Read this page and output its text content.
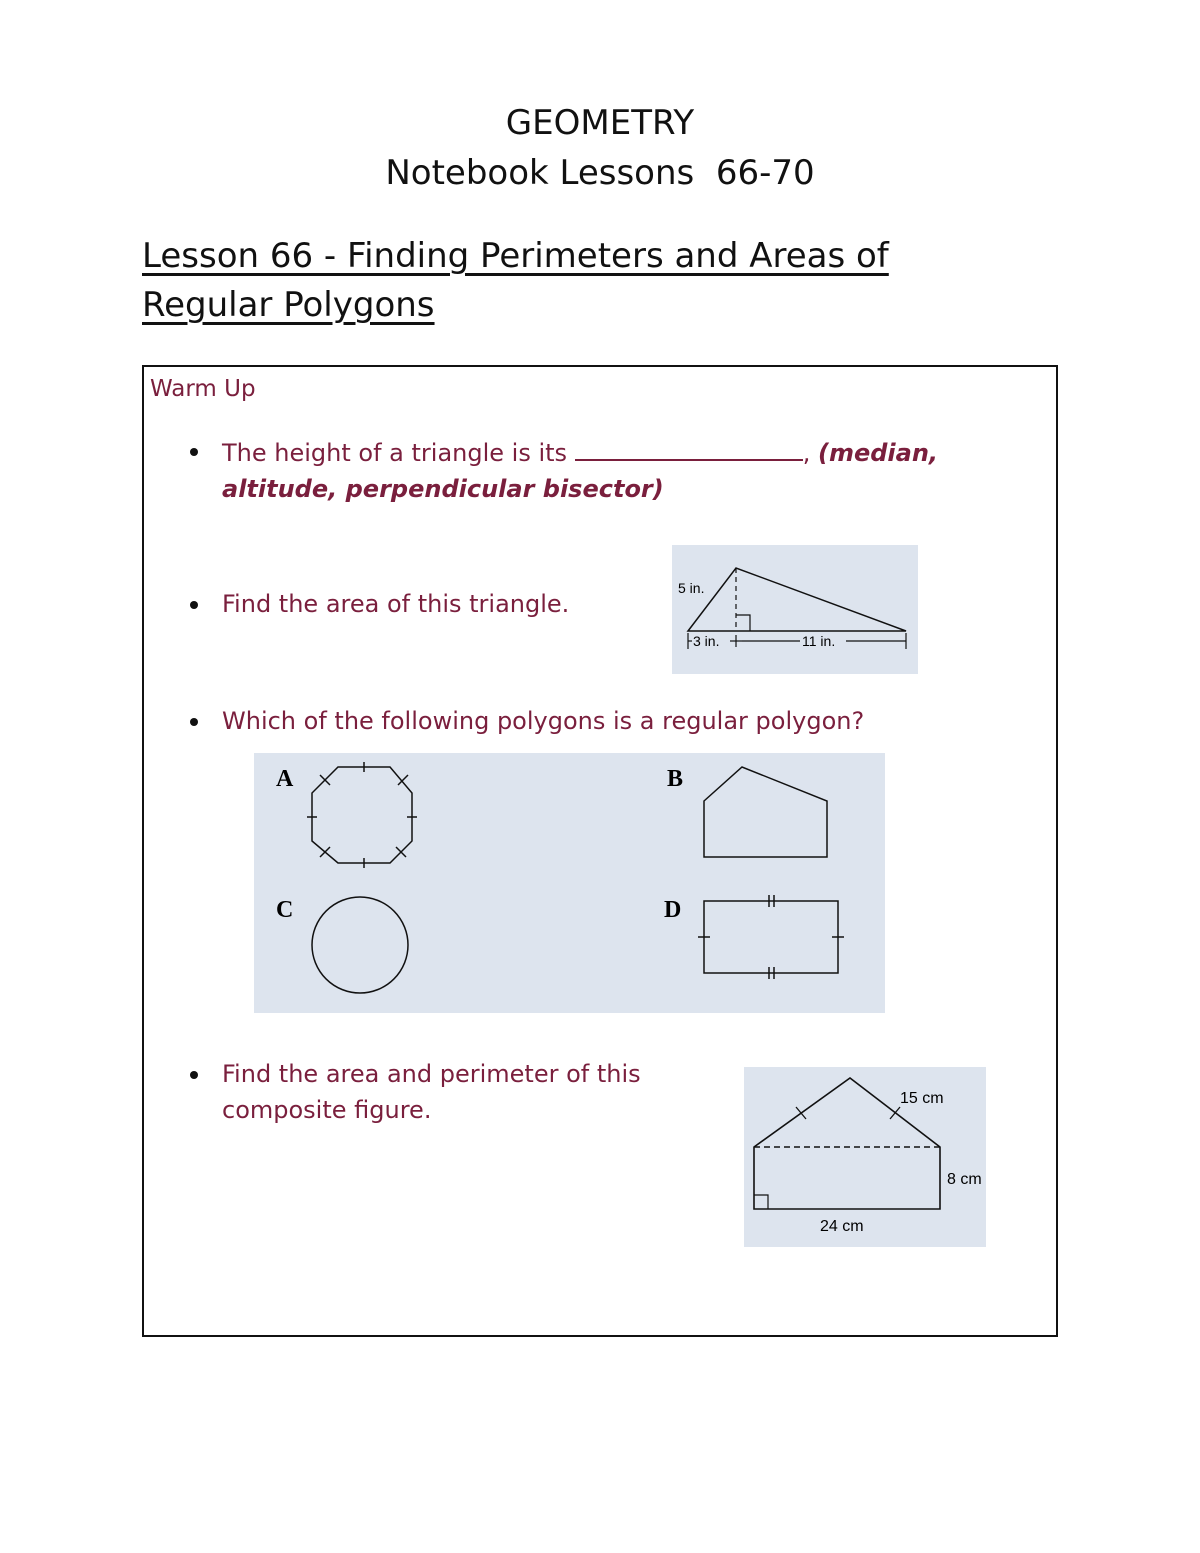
GEOMETRY
Notebook Lessons  66-70
Lesson 66 - Finding Perimeters and Areas of
Regular Polygons
Warm Up
The height of a triangle is its	, (median,
altitude, perpendicular bisector)
Find the area of this triangle.
5 in.
3 in.	11 in.
Which of the following polygons is a regular polygon?
A	B
C	D
Find the area and perimeter of this
composite figure.	15 cm
8 cm
24 cm
